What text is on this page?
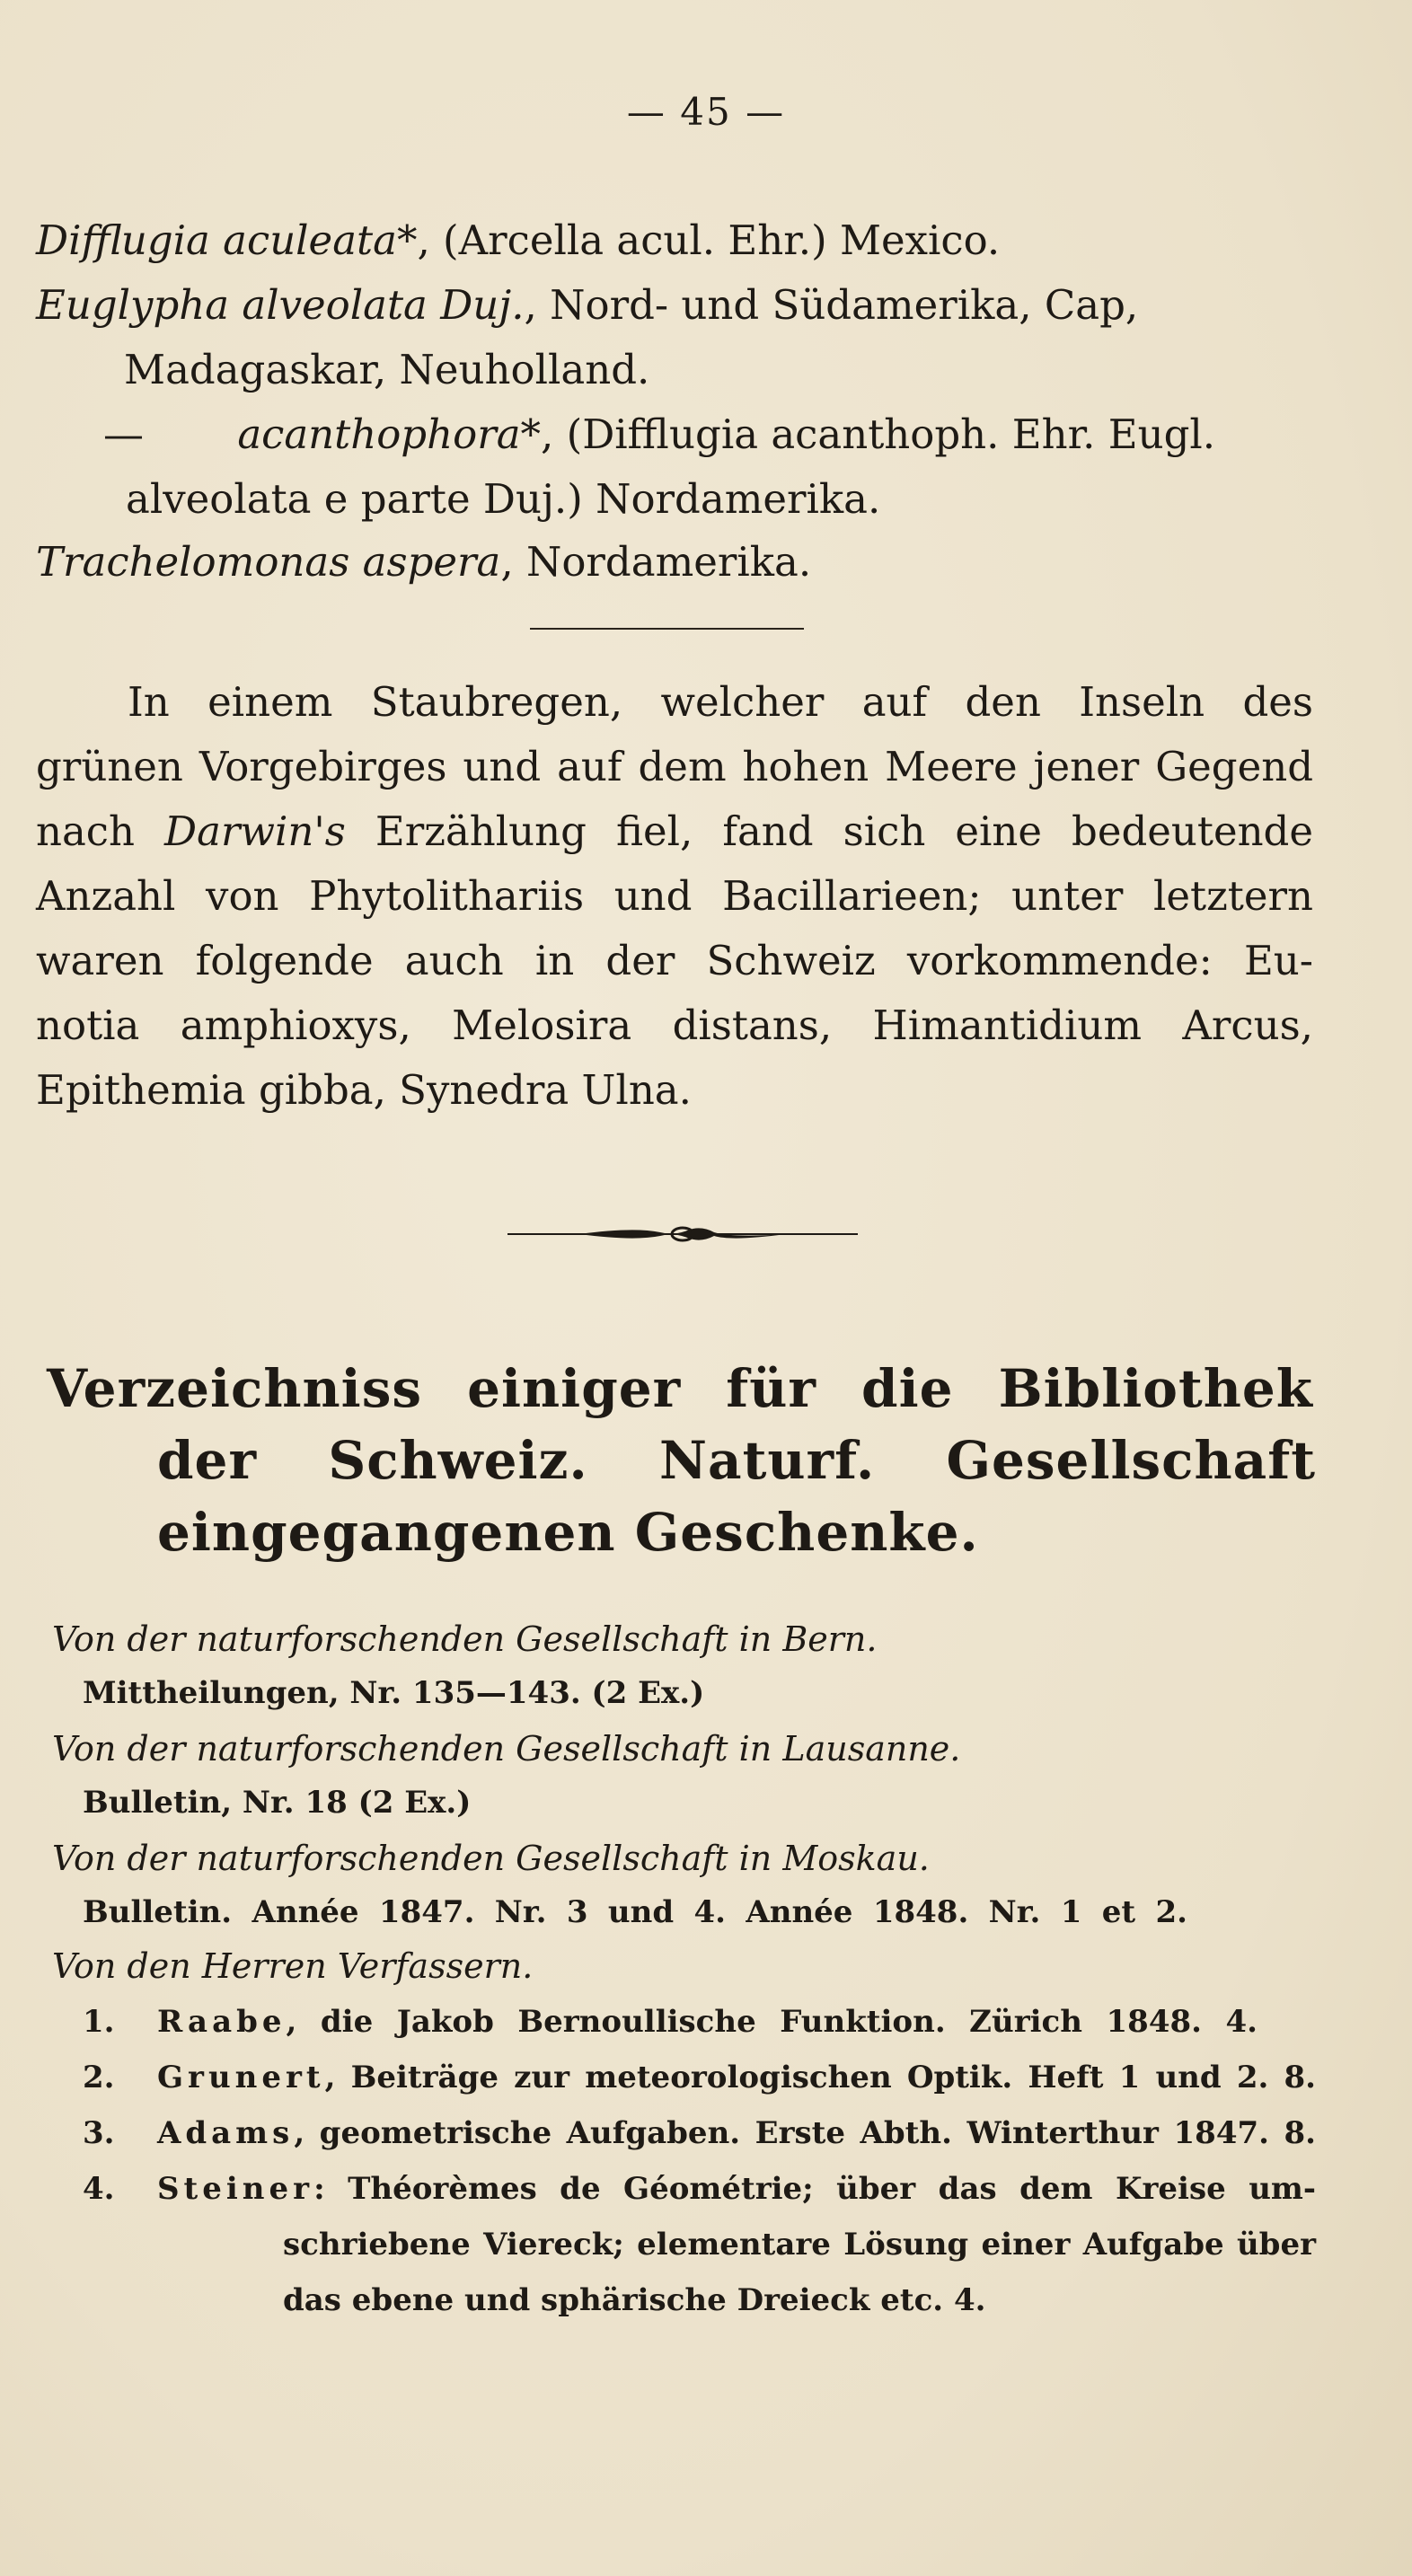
— 45 —
Difflugia aculeata*, (Arcella acul. Ehr.) Mexico.
Euglypha alveolata Duj., Nord- und Südamerika, Cap,
Madagaskar, Neuholland.
— acanthophora*, (Difflugia acanthoph. Ehr. Eugl.
alveolata e parte Duj.) Nordamerika.
Trachelomonas aspera, Nordamerika.
In einem Staubregen, welcher auf den Inseln des
grünen Vorgebirges und auf dem hohen Meere jener Gegend
nach Darwin's Erzählung fiel, fand sich eine bedeutende
Anzahl von Phytolithariis und Bacillarieen; unter letztern
waren folgende auch in der Schweiz vorkommende: Eu-
notia amphioxys, Melosira distans, Himantidium Arcus,
Epithemia gibba, Synedra Ulna.
Verzeichniss einiger für die Bibliothek
der Schweiz. Naturf. Gesellschaft
eingegangenen Geschenke.
Von der naturforschenden Gesellschaft in Bern.
Mittheilungen, Nr. 135—143. (2 Ex.)
Von der naturforschenden Gesellschaft in Lausanne.
Bulletin, Nr. 18 (2 Ex.)
Von der naturforschenden Gesellschaft in Moskau.
Bulletin. Année 1847. Nr. 3 und 4. Année 1848. Nr. 1 et 2.
Von den Herren Verfassern.
1. Raabe, die Jakob Bernoullische Funktion. Zürich 1848. 4.
2. Grunert, Beiträge zur meteorologischen Optik. Heft 1 und 2. 8.
3. Adams, geometrische Aufgaben. Erste Abth. Winterthur 1847. 8.
4. Steiner: Théorèmes de Géométrie; über das dem Kreise um-
schriebene Viereck; elementare Lösung einer Aufgabe über
das ebene und sphärische Dreieck etc. 4.
